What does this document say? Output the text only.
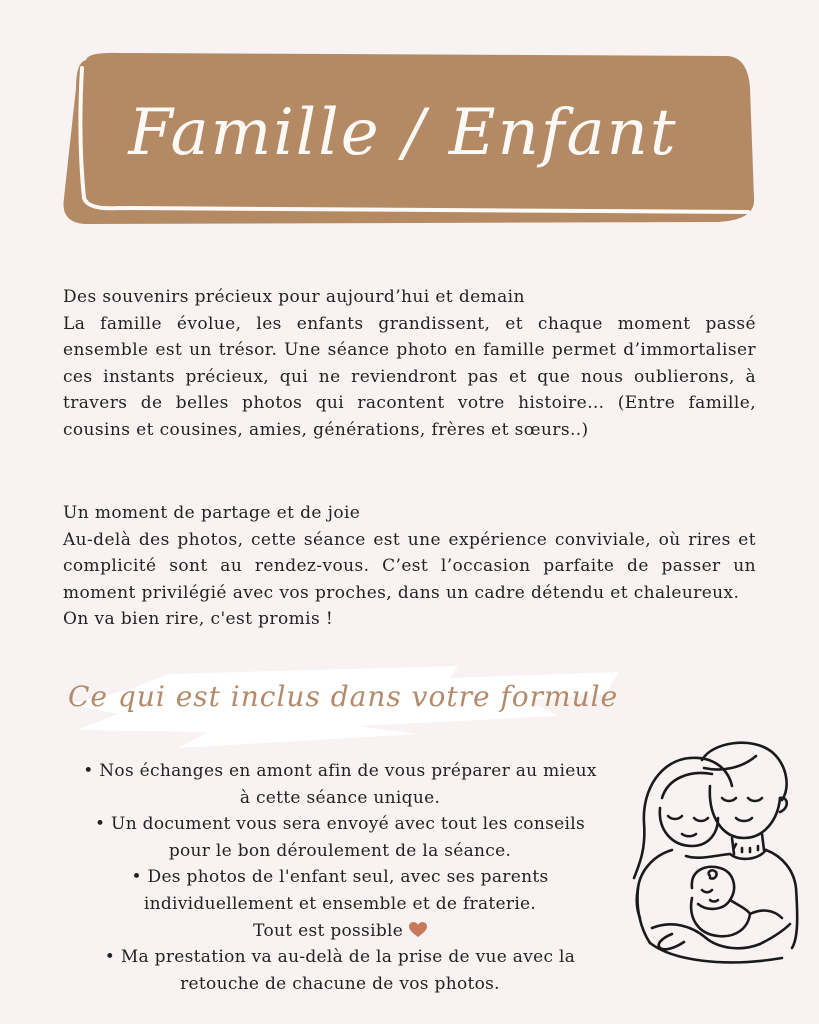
Famille / Enfant

Des souvenirs précieux pour aujourd’hui et demain

La famille évolue, les enfants grandissent, et chaque moment passé ensemble est un trésor. Une séance photo en famille permet d’immortaliser ces instants précieux, qui ne reviendront pas et que nous oublierons, à travers de belles photos qui racontent votre histoire… (Entre famille, cousins et cousines, amies, générations, frères et sœurs..)

Un moment de partage et de joie

Au-delà des photos, cette séance est une expérience conviviale, où rires et complicité sont au rendez-vous. C’est l’occasion parfaite de passer un moment privilégié avec vos proches, dans un cadre détendu et chaleureux.

On va bien rire, c'est promis !

Ce qui est inclus dans votre formule

• Nos échanges en amont afin de vous préparer au mieux
à cette séance unique.

• Un document vous sera envoyé avec tout les conseils
pour le bon déroulement de la séance.

• Des photos de l'enfant seul, avec ses parents
individuellement et ensemble et de fraterie.
Tout est possible

• Ma prestation va au-delà de la prise de vue avec la
retouche de chacune de vos photos.
